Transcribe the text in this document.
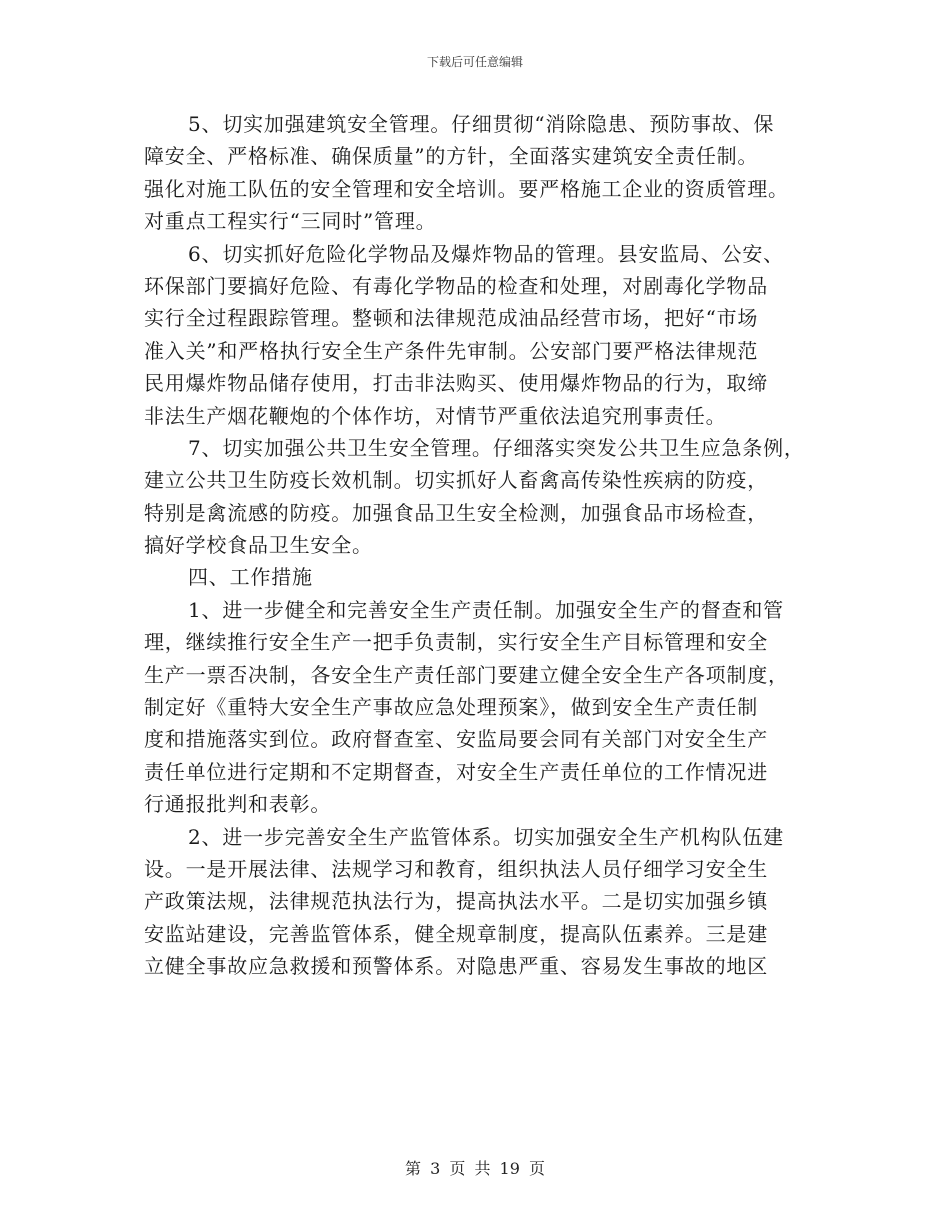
下载后可任意编辑
5、切实加强建筑安全管理。仔细贯彻“消除隐患、预防事故、保
障安全、严格标准、确保质量”的方针，全面落实建筑安全责任制。
强化对施工队伍的安全管理和安全培训。要严格施工企业的资质管理。
对重点工程实行“三同时”管理。
6、切实抓好危险化学物品及爆炸物品的管理。县安监局、公安、
环保部门要搞好危险、有毒化学物品的检查和处理，对剧毒化学物品
实行全过程跟踪管理。整顿和法律规范成油品经营市场，把好“市场
准入关”和严格执行安全生产条件先审制。公安部门要严格法律规范
民用爆炸物品储存使用，打击非法购买、使用爆炸物品的行为，取缔
非法生产烟花鞭炮的个体作坊，对情节严重依法追究刑事责任。
7、切实加强公共卫生安全管理。仔细落实突发公共卫生应急条例，
建立公共卫生防疫长效机制。切实抓好人畜禽高传染性疾病的防疫，
特别是禽流感的防疫。加强食品卫生安全检测，加强食品市场检查，
搞好学校食品卫生安全。
四、工作措施
1、进一步健全和完善安全生产责任制。加强安全生产的督查和管
理，继续推行安全生产一把手负责制，实行安全生产目标管理和安全
生产一票否决制，各安全生产责任部门要建立健全安全生产各项制度，
制定好《重特大安全生产事故应急处理预案》，做到安全生产责任制
度和措施落实到位。政府督查室、安监局要会同有关部门对安全生产
责任单位进行定期和不定期督查，对安全生产责任单位的工作情况进
行通报批判和表彰。
2、进一步完善安全生产监管体系。切实加强安全生产机构队伍建
设。一是开展法律、法规学习和教育，组织执法人员仔细学习安全生
产政策法规，法律规范执法行为，提高执法水平。二是切实加强乡镇
安监站建设，完善监管体系，健全规章制度，提高队伍素养。三是建
立健全事故应急救援和预警体系。对隐患严重、容易发生事故的地区
第 3 页 共 19 页
